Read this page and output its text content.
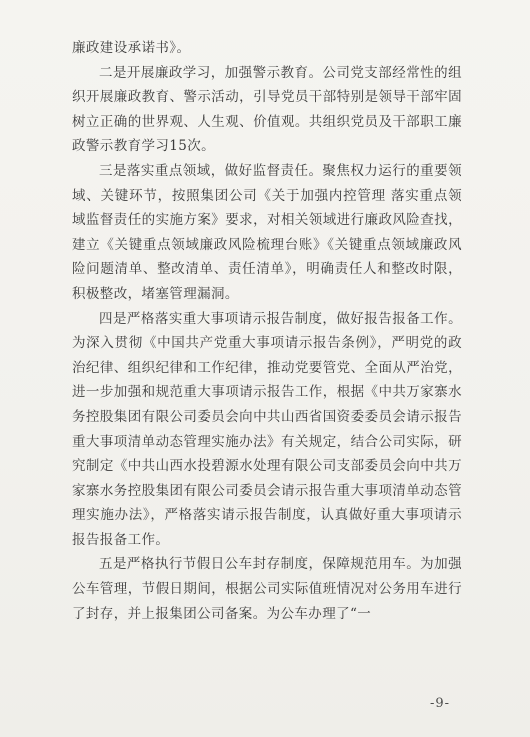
廉政建设承诺书》。

二是开展廉政学习，加强警示教育。公司党支部经常性的组织开展廉政教育、警示活动，引导党员干部特别是领导干部牢固树立正确的世界观、人生观、价值观。共组织党员及干部职工廉政警示教育学习15次。

三是落实重点领域，做好监督责任。聚焦权力运行的重要领域、关键环节，按照集团公司《关于加强内控管理 落实重点领域监督责任的实施方案》要求，对相关领域进行廉政风险查找，建立《关键重点领域廉政风险梳理台账》《关键重点领域廉政风险问题清单、整改清单、责任清单》，明确责任人和整改时限，积极整改，堵塞管理漏洞。

四是严格落实重大事项请示报告制度，做好报告报备工作。为深入贯彻《中国共产党重大事项请示报告条例》，严明党的政治纪律、组织纪律和工作纪律，推动党要管党、全面从严治党，进一步加强和规范重大事项请示报告工作，根据《中共万家寨水务控股集团有限公司委员会向中共山西省国资委委员会请示报告重大事项清单动态管理实施办法》有关规定，结合公司实际，研究制定《中共山西水投碧源水处理有限公司支部委员会向中共万家寨水务控股集团有限公司委员会请示报告重大事项清单动态管理实施办法》，严格落实请示报告制度，认真做好重大事项请示报告报备工作。

五是严格执行节假日公车封存制度，保障规范用车。为加强公车管理，节假日期间，根据公司实际值班情况对公务用车进行了封存，并上报集团公司备案。为公车办理了“一

-9-
